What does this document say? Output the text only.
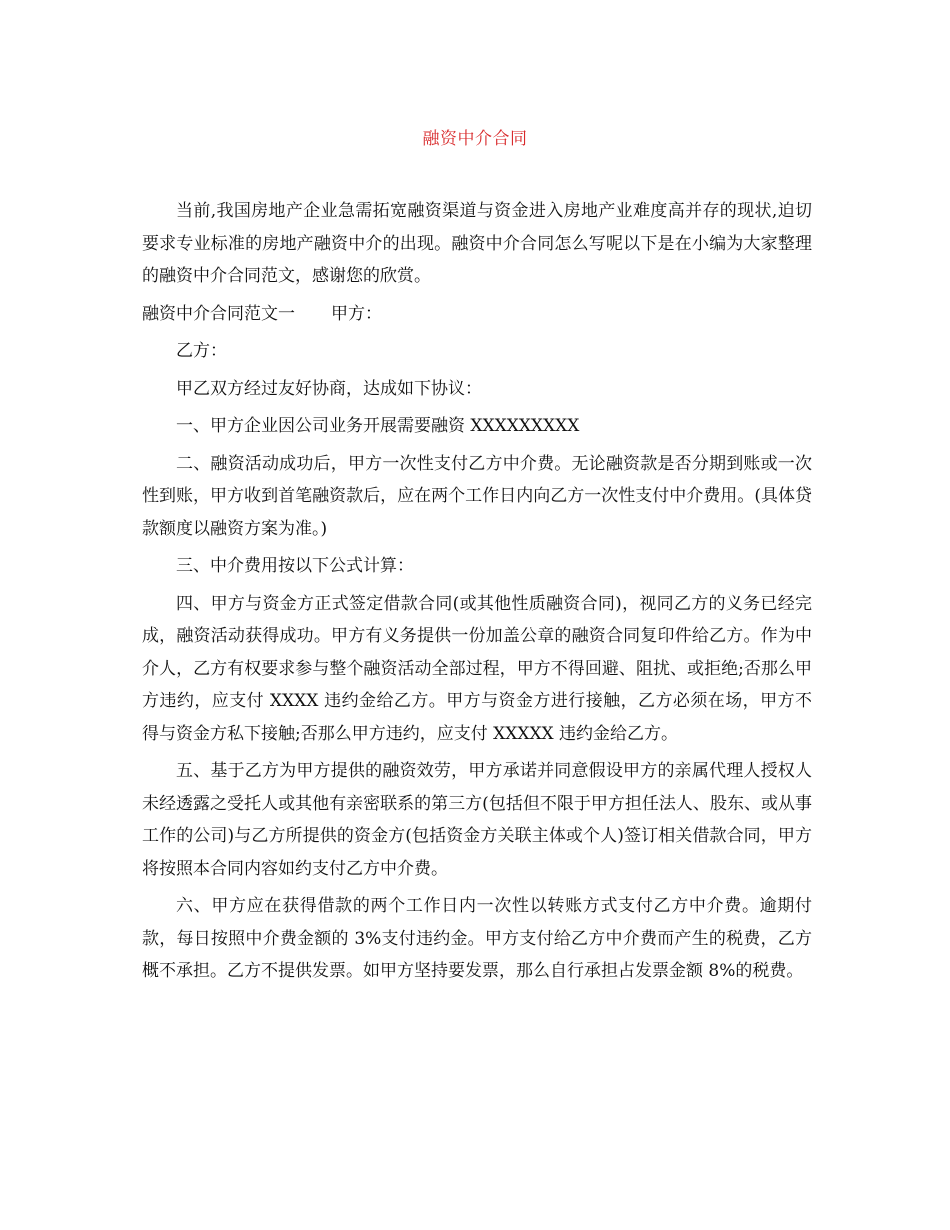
融资中介合同

当前,我国房地产企业急需拓宽融资渠道与资金进入房地产业难度高并存的现状,迫切要求专业标准的房地产融资中介的出现。融资中介合同怎么写呢以下是在小编为大家整理的融资中介合同范文，感谢您的欣赏。

融资中介合同范文一 甲方：

乙方：

甲乙双方经过友好协商，达成如下协议：

一、甲方企业因公司业务开展需要融资 XXXXXXXXX

二、融资活动成功后，甲方一次性支付乙方中介费。无论融资款是否分期到账或一次性到账，甲方收到首笔融资款后，应在两个工作日内向乙方一次性支付中介费用。(具体贷款额度以融资方案为准。)

三、中介费用按以下公式计算：

四、甲方与资金方正式签定借款合同(或其他性质融资合同)，视同乙方的义务已经完成，融资活动获得成功。甲方有义务提供一份加盖公章的融资合同复印件给乙方。作为中介人，乙方有权要求参与整个融资活动全部过程，甲方不得回避、阻扰、或拒绝;否那么甲方违约，应支付 XXXX 违约金给乙方。甲方与资金方进行接触，乙方必须在场，甲方不得与资金方私下接触;否那么甲方违约，应支付 XXXXX 违约金给乙方。

五、基于乙方为甲方提供的融资效劳，甲方承诺并同意假设甲方的亲属代理人授权人未经透露之受托人或其他有亲密联系的第三方(包括但不限于甲方担任法人、股东、或从事工作的公司)与乙方所提供的资金方(包括资金方关联主体或个人)签订相关借款合同，甲方将按照本合同内容如约支付乙方中介费。

六、甲方应在获得借款的两个工作日内一次性以转账方式支付乙方中介费。逾期付款，每日按照中介费金额的 3%支付违约金。甲方支付给乙方中介费而产生的税费，乙方概不承担。乙方不提供发票。如甲方坚持要发票，那么自行承担占发票金额 8%的税费。
